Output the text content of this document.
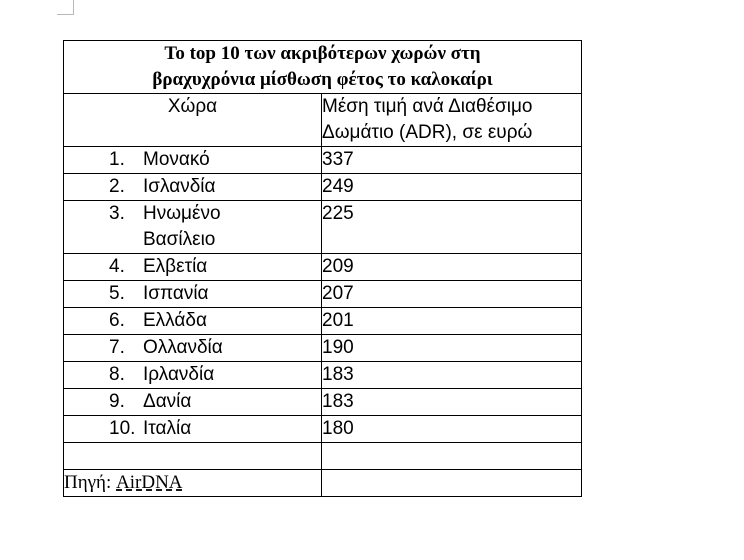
Το top 10 των ακριβότερων χωρών στη
βραχυχρόνια μίσθωση φέτος το καλοκαίρι	

Χώρα	Μέση τιμή ανά Διαθέσιμο
Δωμάτιο (ADR), σε ευρώ

1. Μονακό	337

2. Ισλανδία	249

3. Ηνωμένο
Βασίλειο	225

4. Ελβετία	209

5. Ισπανία	207

6. Ελλάδα	201

7. Ολλανδία	190

8. Ιρλανδία	183

9. Δανία	183

10. Ιταλία	180

Πηγή: AirDNA	
